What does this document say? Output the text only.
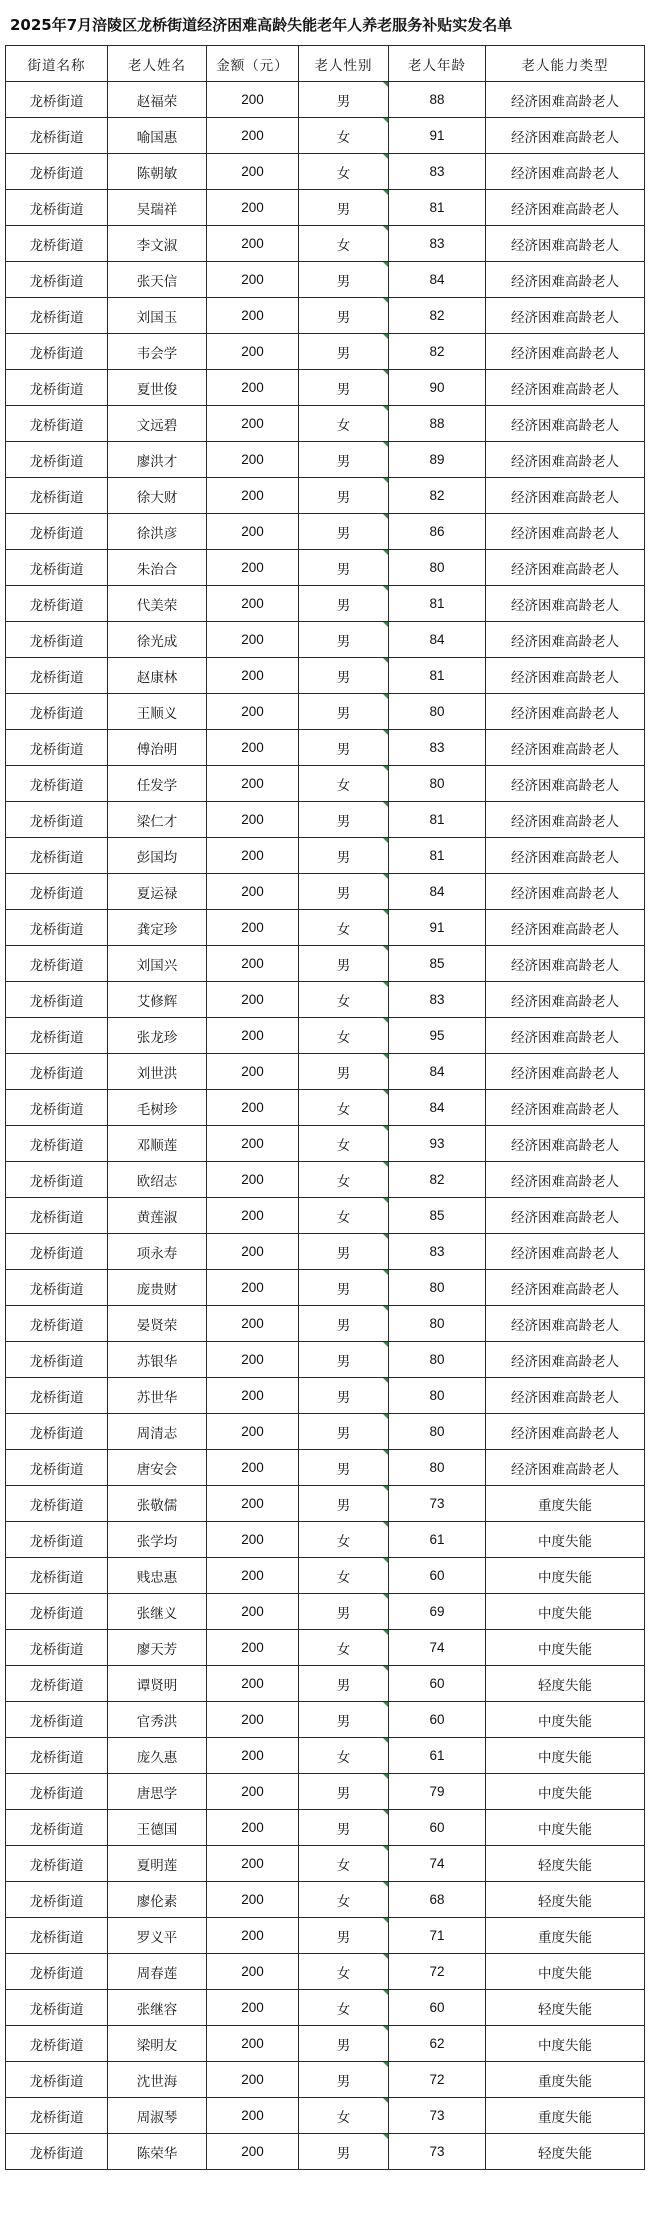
2025年7月涪陵区龙桥街道经济困难高龄失能老年人养老服务补贴实发名单
街道名称	老人姓名	金额（元）	老人性别	老人年龄	老人能力类型
龙桥街道	赵福荣	200	男	88	经济困难高龄老人
龙桥街道	喻国惠	200	女	91	经济困难高龄老人
龙桥街道	陈朝敏	200	女	83	经济困难高龄老人
龙桥街道	吴瑞祥	200	男	81	经济困难高龄老人
龙桥街道	李文淑	200	女	83	经济困难高龄老人
龙桥街道	张天信	200	男	84	经济困难高龄老人
龙桥街道	刘国玉	200	男	82	经济困难高龄老人
龙桥街道	韦会学	200	男	82	经济困难高龄老人
龙桥街道	夏世俊	200	男	90	经济困难高龄老人
龙桥街道	文远碧	200	女	88	经济困难高龄老人
龙桥街道	廖洪才	200	男	89	经济困难高龄老人
龙桥街道	徐大财	200	男	82	经济困难高龄老人
龙桥街道	徐洪彦	200	男	86	经济困难高龄老人
龙桥街道	朱治合	200	男	80	经济困难高龄老人
龙桥街道	代美荣	200	男	81	经济困难高龄老人
龙桥街道	徐光成	200	男	84	经济困难高龄老人
龙桥街道	赵康林	200	男	81	经济困难高龄老人
龙桥街道	王顺义	200	男	80	经济困难高龄老人
龙桥街道	傅治明	200	男	83	经济困难高龄老人
龙桥街道	任发学	200	女	80	经济困难高龄老人
龙桥街道	梁仁才	200	男	81	经济困难高龄老人
龙桥街道	彭国均	200	男	81	经济困难高龄老人
龙桥街道	夏运禄	200	男	84	经济困难高龄老人
龙桥街道	龚定珍	200	女	91	经济困难高龄老人
龙桥街道	刘国兴	200	男	85	经济困难高龄老人
龙桥街道	艾修辉	200	女	83	经济困难高龄老人
龙桥街道	张龙珍	200	女	95	经济困难高龄老人
龙桥街道	刘世洪	200	男	84	经济困难高龄老人
龙桥街道	毛树珍	200	女	84	经济困难高龄老人
龙桥街道	邓顺莲	200	女	93	经济困难高龄老人
龙桥街道	欧绍志	200	女	82	经济困难高龄老人
龙桥街道	黄莲淑	200	女	85	经济困难高龄老人
龙桥街道	项永寿	200	男	83	经济困难高龄老人
龙桥街道	庞贵财	200	男	80	经济困难高龄老人
龙桥街道	晏贤荣	200	男	80	经济困难高龄老人
龙桥街道	苏银华	200	男	80	经济困难高龄老人
龙桥街道	苏世华	200	男	80	经济困难高龄老人
龙桥街道	周清志	200	男	80	经济困难高龄老人
龙桥街道	唐安会	200	男	80	经济困难高龄老人
龙桥街道	张敬儒	200	男	73	重度失能
龙桥街道	张学均	200	女	61	中度失能
龙桥街道	贱忠惠	200	女	60	中度失能
龙桥街道	张继义	200	男	69	中度失能
龙桥街道	廖天芳	200	女	74	中度失能
龙桥街道	谭贤明	200	男	60	轻度失能
龙桥街道	官秀洪	200	男	60	中度失能
龙桥街道	庞久惠	200	女	61	中度失能
龙桥街道	唐思学	200	男	79	中度失能
龙桥街道	王德国	200	男	60	中度失能
龙桥街道	夏明莲	200	女	74	轻度失能
龙桥街道	廖伦素	200	女	68	轻度失能
龙桥街道	罗义平	200	男	71	重度失能
龙桥街道	周春莲	200	女	72	中度失能
龙桥街道	张继容	200	女	60	轻度失能
龙桥街道	梁明友	200	男	62	中度失能
龙桥街道	沈世海	200	男	72	重度失能
龙桥街道	周淑琴	200	女	73	重度失能
龙桥街道	陈荣华	200	男	73	轻度失能
